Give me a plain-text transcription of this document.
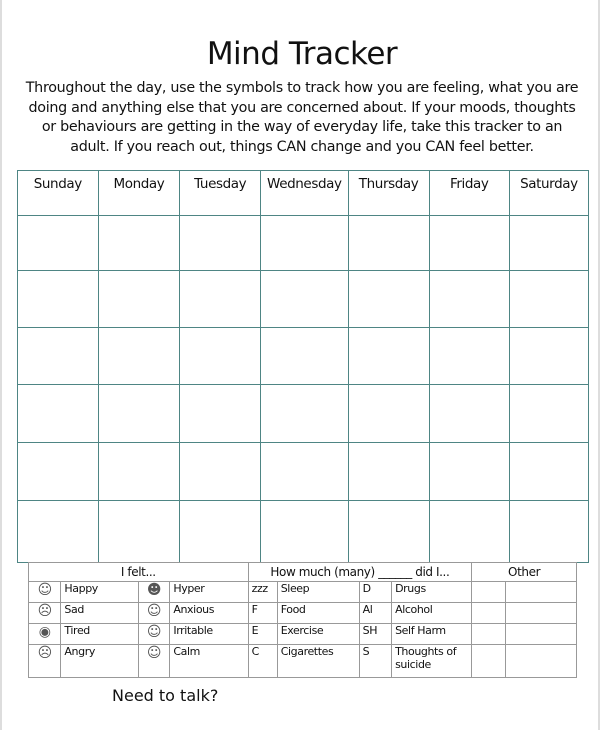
Mind Tracker
Throughout the day, use the symbols to track how you are feeling, what you are doing and anything else that you are concerned about. If your moods, thoughts or behaviours are getting in the way of everyday life, take this tracker to an adult. If you reach out, things CAN change and you CAN feel better.
Sunday	Monday	Tuesday	Wednesday	Thursday	Friday	Saturday

I felt...				How much (many) ______ did I...				Other	
☺	Happy	☻	Hyper	zzz	Sleep	D	Drugs		
☹	Sad	☺	Anxious	F	Food	Al	Alcohol		
◉	Tired	☺	Irritable	E	Exercise	SH	Self Harm		
☹	Angry	☺	Calm	C	Cigarettes	S	Thoughts of suicide		
Need to talk?
